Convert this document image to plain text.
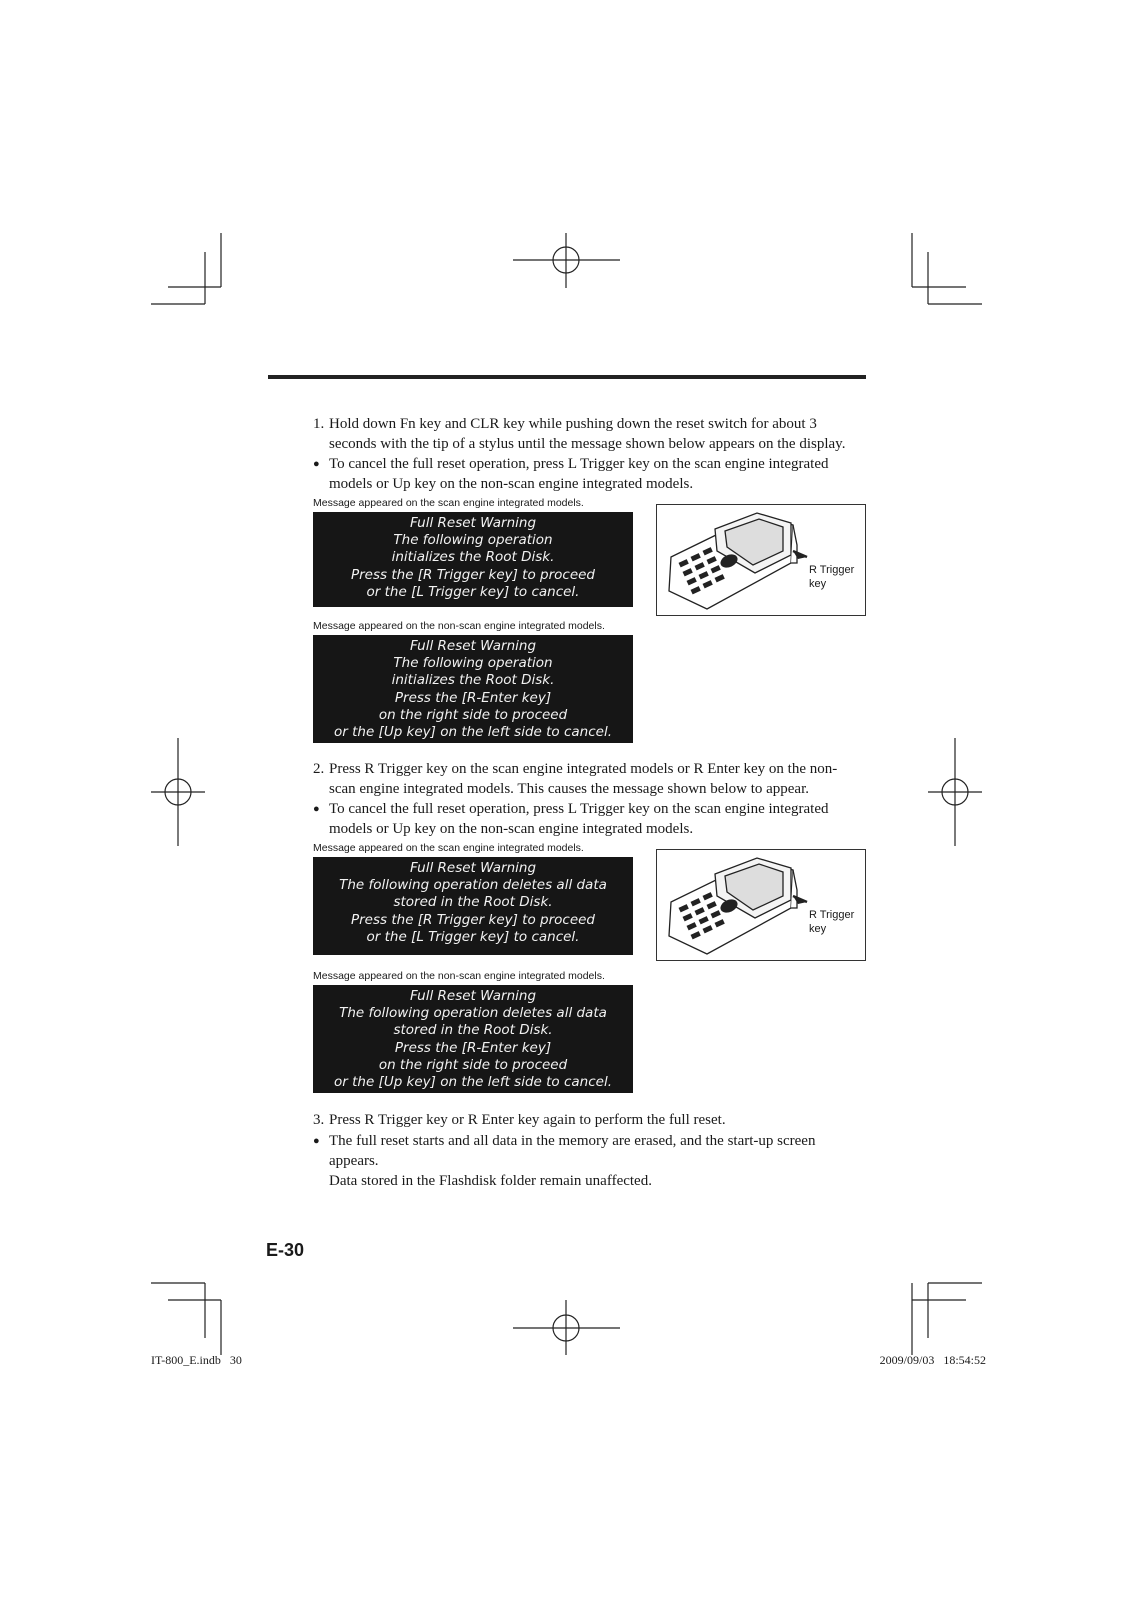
1. Hold down Fn key and CLR key while pushing down the reset switch for about 3
seconds with the tip of a stylus until the message shown below appears on the display.
● To cancel the full reset operation, press L Trigger key on the scan engine integrated
models or Up key on the non-scan engine integrated models.
Message appeared on the scan engine integrated models.
Full Reset Warning
The following operation
initializes the Root Disk.
Press the [R Trigger key] to proceed
or the [L Trigger key] to cancel.
R Trigger
key
Message appeared on the non-scan engine integrated models.
Full Reset Warning
The following operation
initializes the Root Disk.
Press the [R-Enter key]
on the right side to proceed
or the [Up key] on the left side to cancel.
2. Press R Trigger key on the scan engine integrated models or R Enter key on the non-
scan engine integrated models. This causes the message shown below to appear.
● To cancel the full reset operation, press L Trigger key on the scan engine integrated
models or Up key on the non-scan engine integrated models.
Message appeared on the scan engine integrated models.
Full Reset Warning
The following operation deletes all data
stored in the Root Disk.
Press the [R Trigger key] to proceed
or the [L Trigger key] to cancel.
R Trigger
key
Message appeared on the non-scan engine integrated models.
Full Reset Warning
The following operation deletes all data
stored in the Root Disk.
Press the [R-Enter key]
on the right side to proceed
or the [Up key] on the left side to cancel.
3. Press R Trigger key or R Enter key again to perform the full reset.
● The full reset starts and all data in the memory are erased, and the start-up screen
appears.
Data stored in the Flashdisk folder remain unaffected.
E-30
IT-800_E.indb   30	2009/09/03   18:54:52
